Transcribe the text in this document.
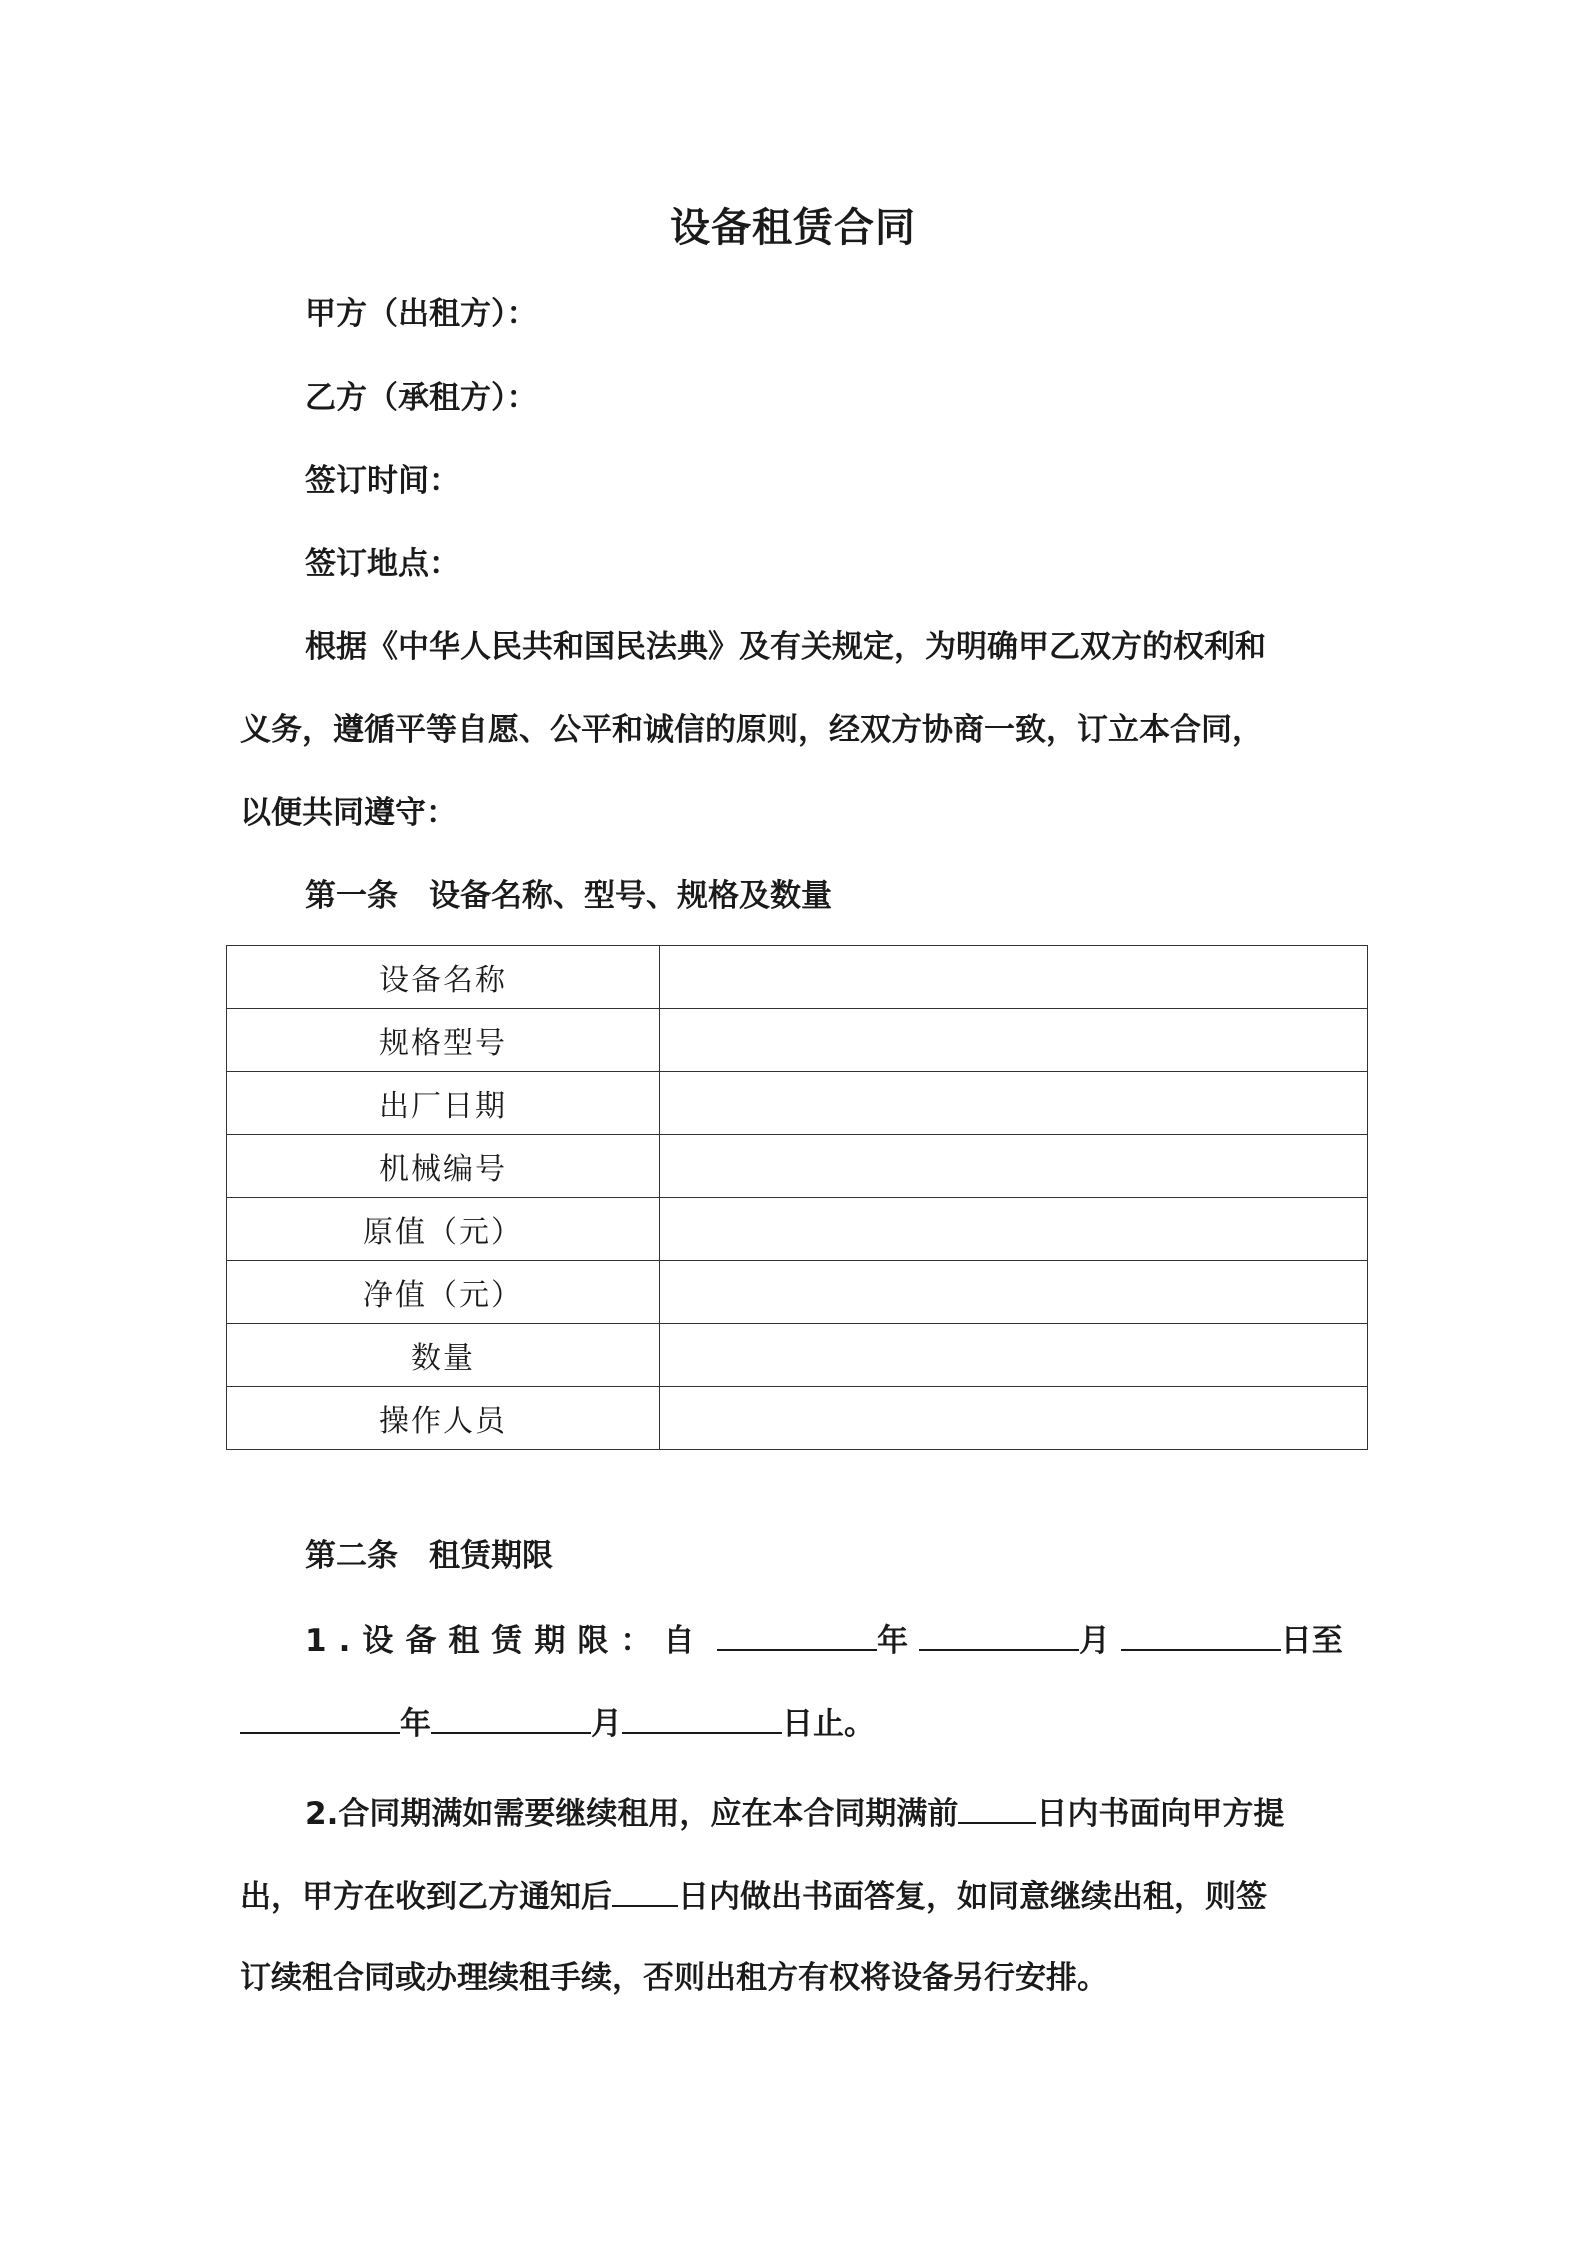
设备租赁合同
甲方（出租方）：
乙方（承租方）：
签订时间：
签订地点：
根据《中华人民共和国民法典》及有关规定，为明确甲乙双方的权利和
义务，遵循平等自愿、公平和诚信的原则，经双方协商一致，订立本合同，
以便共同遵守：
第一条　设备名称、型号、规格及数量
设备名称	
规格型号	
出厂日期	
机械编号	
原值（元）	
净值（元）	
数量	
操作人员	
第二条　租赁期限
1.设备租赁期限：自	年	月	日至
年	月	日止。
2.合同期满如需要继续租用，应在本合同期满前	日内书面向甲方提
出，甲方在收到乙方通知后 日内做出书面答复，如同意继续出租，则签
订续租合同或办理续租手续，否则出租方有权将设备另行安排。
